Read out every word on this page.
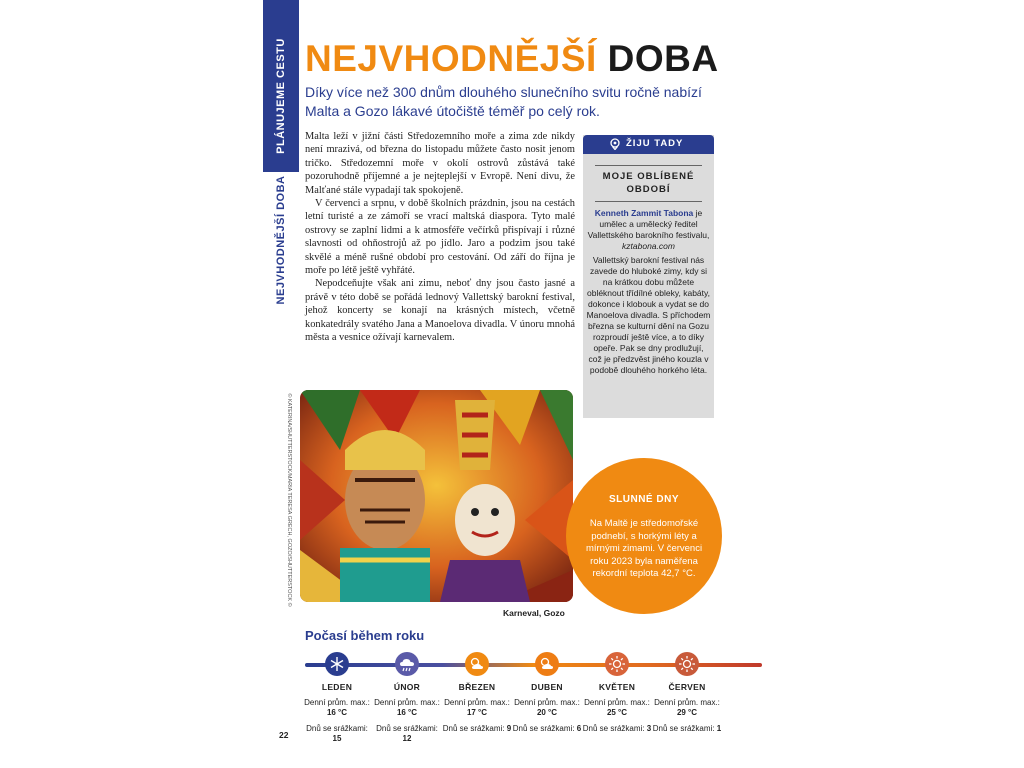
PLÁNUJEME CESTU
NEJVHODNĚJŠÍ DOBA
NEJVHODNĚJŠÍ DOBA
Díky více než 300 dnům dlouhého slunečního svitu ročně nabízí Malta a Gozo lákavé útočiště téměř po celý rok.

Malta leží v jižní části Středozemního moře a zima zde nikdy není mrazivá, od března do listopadu můžete často nosit jenom tričko. Středozemní moře v okolí ostrovů zůstává také pozoruhodně příjemné a je nejteplejší v Evropě. Není divu, že Malťané stále vypadají tak spokojeně.

V červenci a srpnu, v době školních prázdnin, jsou na cestách letní turisté a ze zámoří se vrací maltská diaspora. Tyto malé ostrovy se zaplní lidmi a k atmosféře večírků přispívají i různé slavnosti od ohňostrojů až po jídlo. Jaro a podzim jsou také skvělé a méně rušné období pro cestování. Od září do října je moře po létě ještě vyhřáté.

Nepodceňujte však ani zimu, neboť dny jsou často jasné a právě v této době se pořádá lednový Vallettský barokní festival, jehož koncerty se konají na krásných místech, včetně konkatedrály svatého Jana a Manoelova divadla. V únoru mnohá města a vesnice ožívají karnevalem.

ŽIJU TADY
MOJE OBLÍBENÉ OBDOBÍ
Kenneth Zammit Tabona je umělec a umělecký ředitel Vallettského barokního festivalu, kztabona.com
Vallettský barokní festival nás zavede do hluboké zimy, kdy si na krátkou dobu můžete obléknout třídílné obleky, kabáty, dokonce i klobouk a vydat se do Manoelova divadla. S příchodem března se kulturní dění na Gozu rozproudí ještě více, a to díky opeře. Pak se dny prodlužují, což je předzvěst jiného kouzla v podobě dlouhého horkého léta.
© KATERINA/SHUTTERSTOCK/MARIA TERESA GRECH, GOZO/SHUTTERSTOCK ©
Karneval, Gozo
SLUNNÉ DNY
Na Maltě je středomořské podnebí, s horkými léty a mírnými zimami. V červenci roku 2023 byla naměřena rekordní teplota 42,7 °C.
Počasí během roku
LEDEN
Denní prům. max.: 16 °C
Dnů se srážkami: 15
ÚNOR
Denní prům. max.: 16 °C
Dnů se srážkami: 12
BŘEZEN
Denní prům. max.: 17 °C
Dnů se srážkami: 9
DUBEN
Denní prům. max.: 20 °C
Dnů se srážkami: 6
KVĚTEN
Denní prům. max.: 25 °C
Dnů se srážkami: 3
ČERVEN
Denní prům. max.: 29 °C
Dnů se srážkami: 1
22
